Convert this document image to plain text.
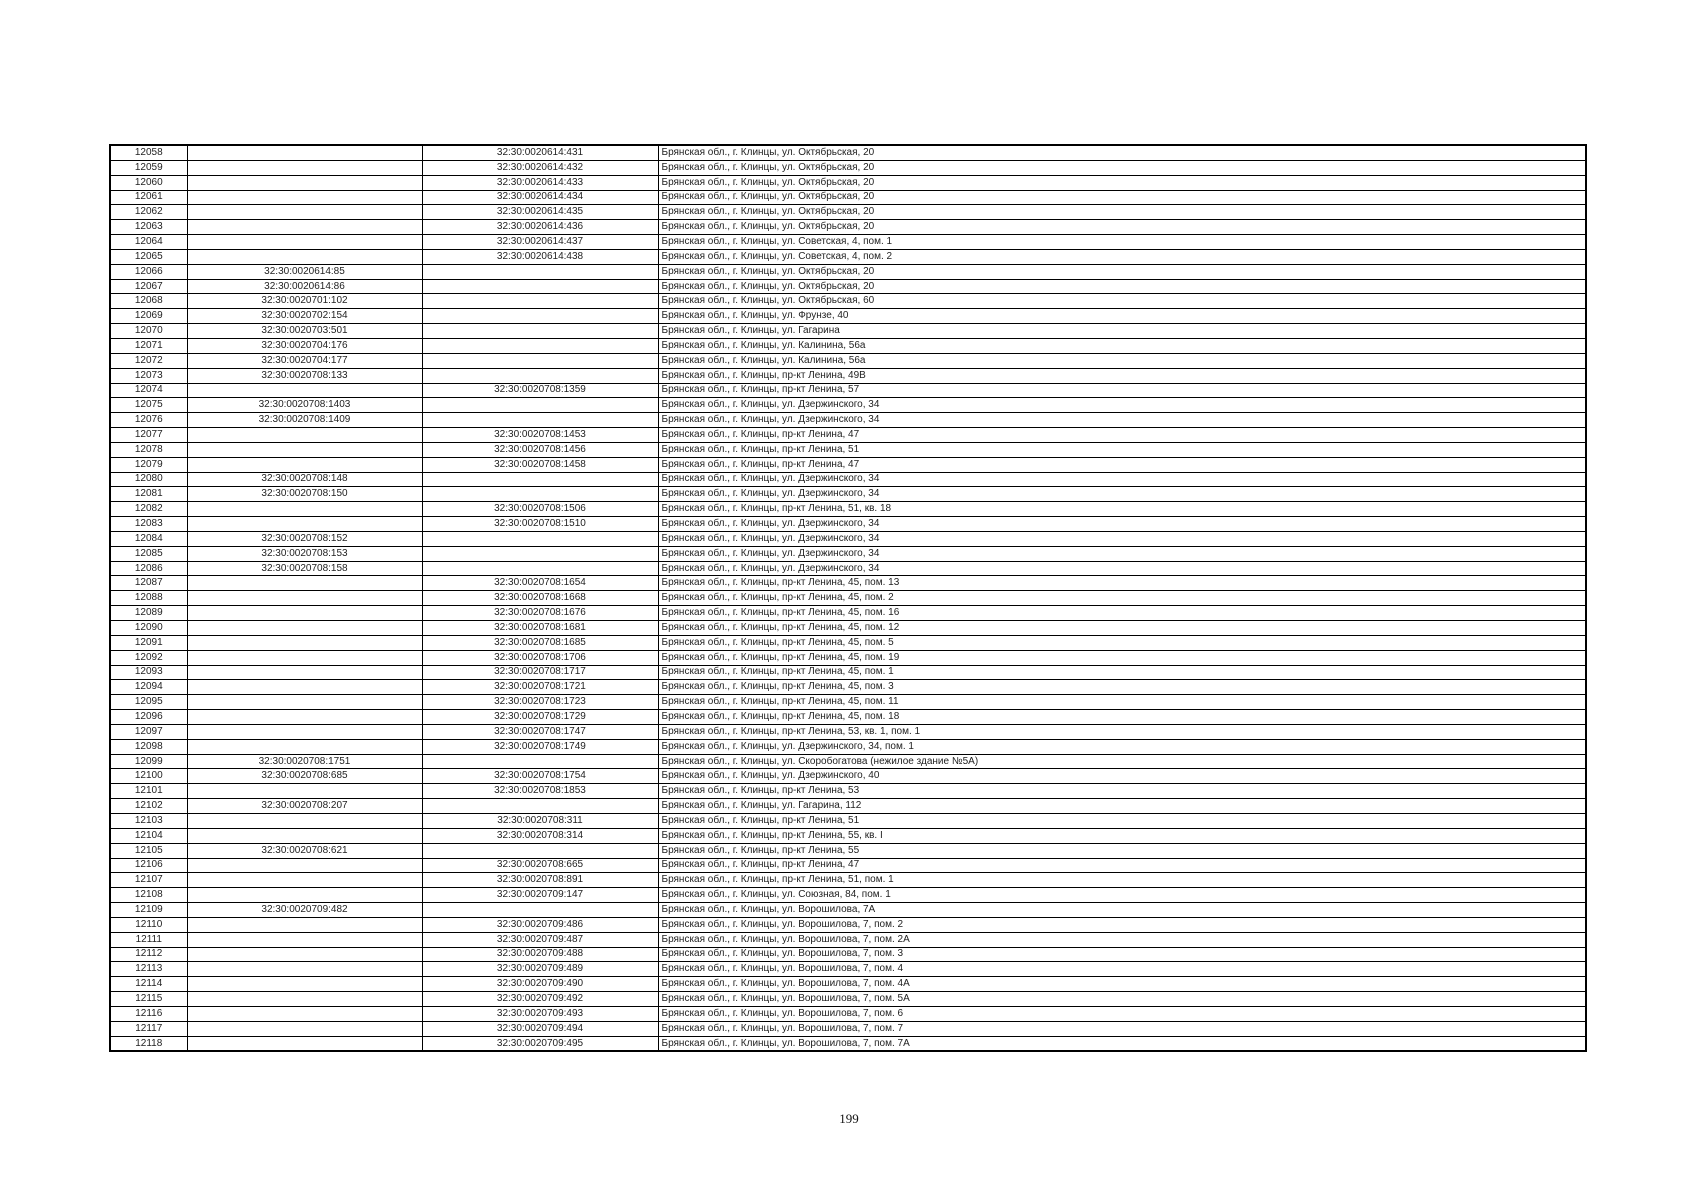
12058		32:30:0020614:431	Брянская обл., г. Клинцы, ул. Октябрьская, 20
12059		32:30:0020614:432	Брянская обл., г. Клинцы, ул. Октябрьская, 20
12060		32:30:0020614:433	Брянская обл., г. Клинцы, ул. Октябрьская, 20
12061		32:30:0020614:434	Брянская обл., г. Клинцы, ул. Октябрьская, 20
12062		32:30:0020614:435	Брянская обл., г. Клинцы, ул. Октябрьская, 20
12063		32:30:0020614:436	Брянская обл., г. Клинцы, ул. Октябрьская, 20
12064		32:30:0020614:437	Брянская обл., г. Клинцы, ул. Советская, 4, пом. 1
12065		32:30:0020614:438	Брянская обл., г. Клинцы, ул. Советская, 4, пом. 2
12066	32:30:0020614:85		Брянская обл., г. Клинцы, ул. Октябрьская, 20
12067	32:30:0020614:86		Брянская обл., г. Клинцы, ул. Октябрьская, 20
12068	32:30:0020701:102		Брянская обл., г. Клинцы, ул. Октябрьская, 60
12069	32:30:0020702:154		Брянская обл., г. Клинцы, ул. Фрунзе, 40
12070	32:30:0020703:501		Брянская обл., г. Клинцы, ул. Гагарина
12071	32:30:0020704:176		Брянская обл., г. Клинцы, ул. Калинина, 56а
12072	32:30:0020704:177		Брянская обл., г. Клинцы, ул. Калинина, 56а
12073	32:30:0020708:133		Брянская обл., г. Клинцы, пр-кт Ленина, 49В
12074		32:30:0020708:1359	Брянская обл., г. Клинцы, пр-кт Ленина, 57
12075	32:30:0020708:1403		Брянская обл., г. Клинцы, ул. Дзержинского, 34
12076	32:30:0020708:1409		Брянская обл., г. Клинцы, ул. Дзержинского, 34
12077		32:30:0020708:1453	Брянская обл., г. Клинцы, пр-кт Ленина, 47
12078		32:30:0020708:1456	Брянская обл., г. Клинцы, пр-кт Ленина, 51
12079		32:30:0020708:1458	Брянская обл., г. Клинцы, пр-кт Ленина, 47
12080	32:30:0020708:148		Брянская обл., г. Клинцы, ул. Дзержинского, 34
12081	32:30:0020708:150		Брянская обл., г. Клинцы, ул. Дзержинского, 34
12082		32:30:0020708:1506	Брянская обл., г. Клинцы, пр-кт Ленина, 51, кв. 18
12083		32:30:0020708:1510	Брянская обл., г. Клинцы, ул. Дзержинского, 34
12084	32:30:0020708:152		Брянская обл., г. Клинцы, ул. Дзержинского, 34
12085	32:30:0020708:153		Брянская обл., г. Клинцы, ул. Дзержинского, 34
12086	32:30:0020708:158		Брянская обл., г. Клинцы, ул. Дзержинского, 34
12087		32:30:0020708:1654	Брянская обл., г. Клинцы, пр-кт Ленина, 45, пом. 13
12088		32:30:0020708:1668	Брянская обл., г. Клинцы, пр-кт Ленина, 45, пом. 2
12089		32:30:0020708:1676	Брянская обл., г. Клинцы, пр-кт Ленина, 45, пом. 16
12090		32:30:0020708:1681	Брянская обл., г. Клинцы, пр-кт Ленина, 45, пом. 12
12091		32:30:0020708:1685	Брянская обл., г. Клинцы, пр-кт Ленина, 45, пом. 5
12092		32:30:0020708:1706	Брянская обл., г. Клинцы, пр-кт Ленина, 45, пом. 19
12093		32:30:0020708:1717	Брянская обл., г. Клинцы, пр-кт Ленина, 45, пом. 1
12094		32:30:0020708:1721	Брянская обл., г. Клинцы, пр-кт Ленина, 45, пом. 3
12095		32:30:0020708:1723	Брянская обл., г. Клинцы, пр-кт Ленина, 45, пом. 11
12096		32:30:0020708:1729	Брянская обл., г. Клинцы, пр-кт Ленина, 45, пом. 18
12097		32:30:0020708:1747	Брянская обл., г. Клинцы, пр-кт Ленина, 53, кв. 1, пом. 1
12098		32:30:0020708:1749	Брянская обл., г. Клинцы, ул. Дзержинского, 34, пом. 1
12099	32:30:0020708:1751		Брянская обл., г. Клинцы, ул. Скоробогатова (нежилое здание №5А)
12100	32:30:0020708:685	32:30:0020708:1754	Брянская обл., г. Клинцы, ул. Дзержинского, 40
12101		32:30:0020708:1853	Брянская обл., г. Клинцы, пр-кт Ленина, 53
12102	32:30:0020708:207		Брянская обл., г. Клинцы, ул. Гагарина, 112
12103		32:30:0020708:311	Брянская обл., г. Клинцы, пр-кт Ленина, 51
12104		32:30:0020708:314	Брянская обл., г. Клинцы, пр-кт Ленина, 55, кв. I
12105	32:30:0020708:621		Брянская обл., г. Клинцы, пр-кт Ленина, 55
12106		32:30:0020708:665	Брянская обл., г. Клинцы, пр-кт Ленина, 47
12107		32:30:0020708:891	Брянская обл., г. Клинцы, пр-кт Ленина, 51, пом. 1
12108		32:30:0020709:147	Брянская обл., г. Клинцы, ул. Союзная, 84, пом. 1
12109	32:30:0020709:482		Брянская обл., г. Клинцы, ул. Ворошилова, 7А
12110		32:30:0020709:486	Брянская обл., г. Клинцы, ул. Ворошилова, 7, пом. 2
12111		32:30:0020709:487	Брянская обл., г. Клинцы, ул. Ворошилова, 7, пом. 2А
12112		32:30:0020709:488	Брянская обл., г. Клинцы, ул. Ворошилова, 7, пом. 3
12113		32:30:0020709:489	Брянская обл., г. Клинцы, ул. Ворошилова, 7, пом. 4
12114		32:30:0020709:490	Брянская обл., г. Клинцы, ул. Ворошилова, 7, пом. 4А
12115		32:30:0020709:492	Брянская обл., г. Клинцы, ул. Ворошилова, 7, пом. 5А
12116		32:30:0020709:493	Брянская обл., г. Клинцы, ул. Ворошилова, 7, пом. 6
12117		32:30:0020709:494	Брянская обл., г. Клинцы, ул. Ворошилова, 7, пом. 7
12118		32:30:0020709:495	Брянская обл., г. Клинцы, ул. Ворошилова, 7, пом. 7А
199
